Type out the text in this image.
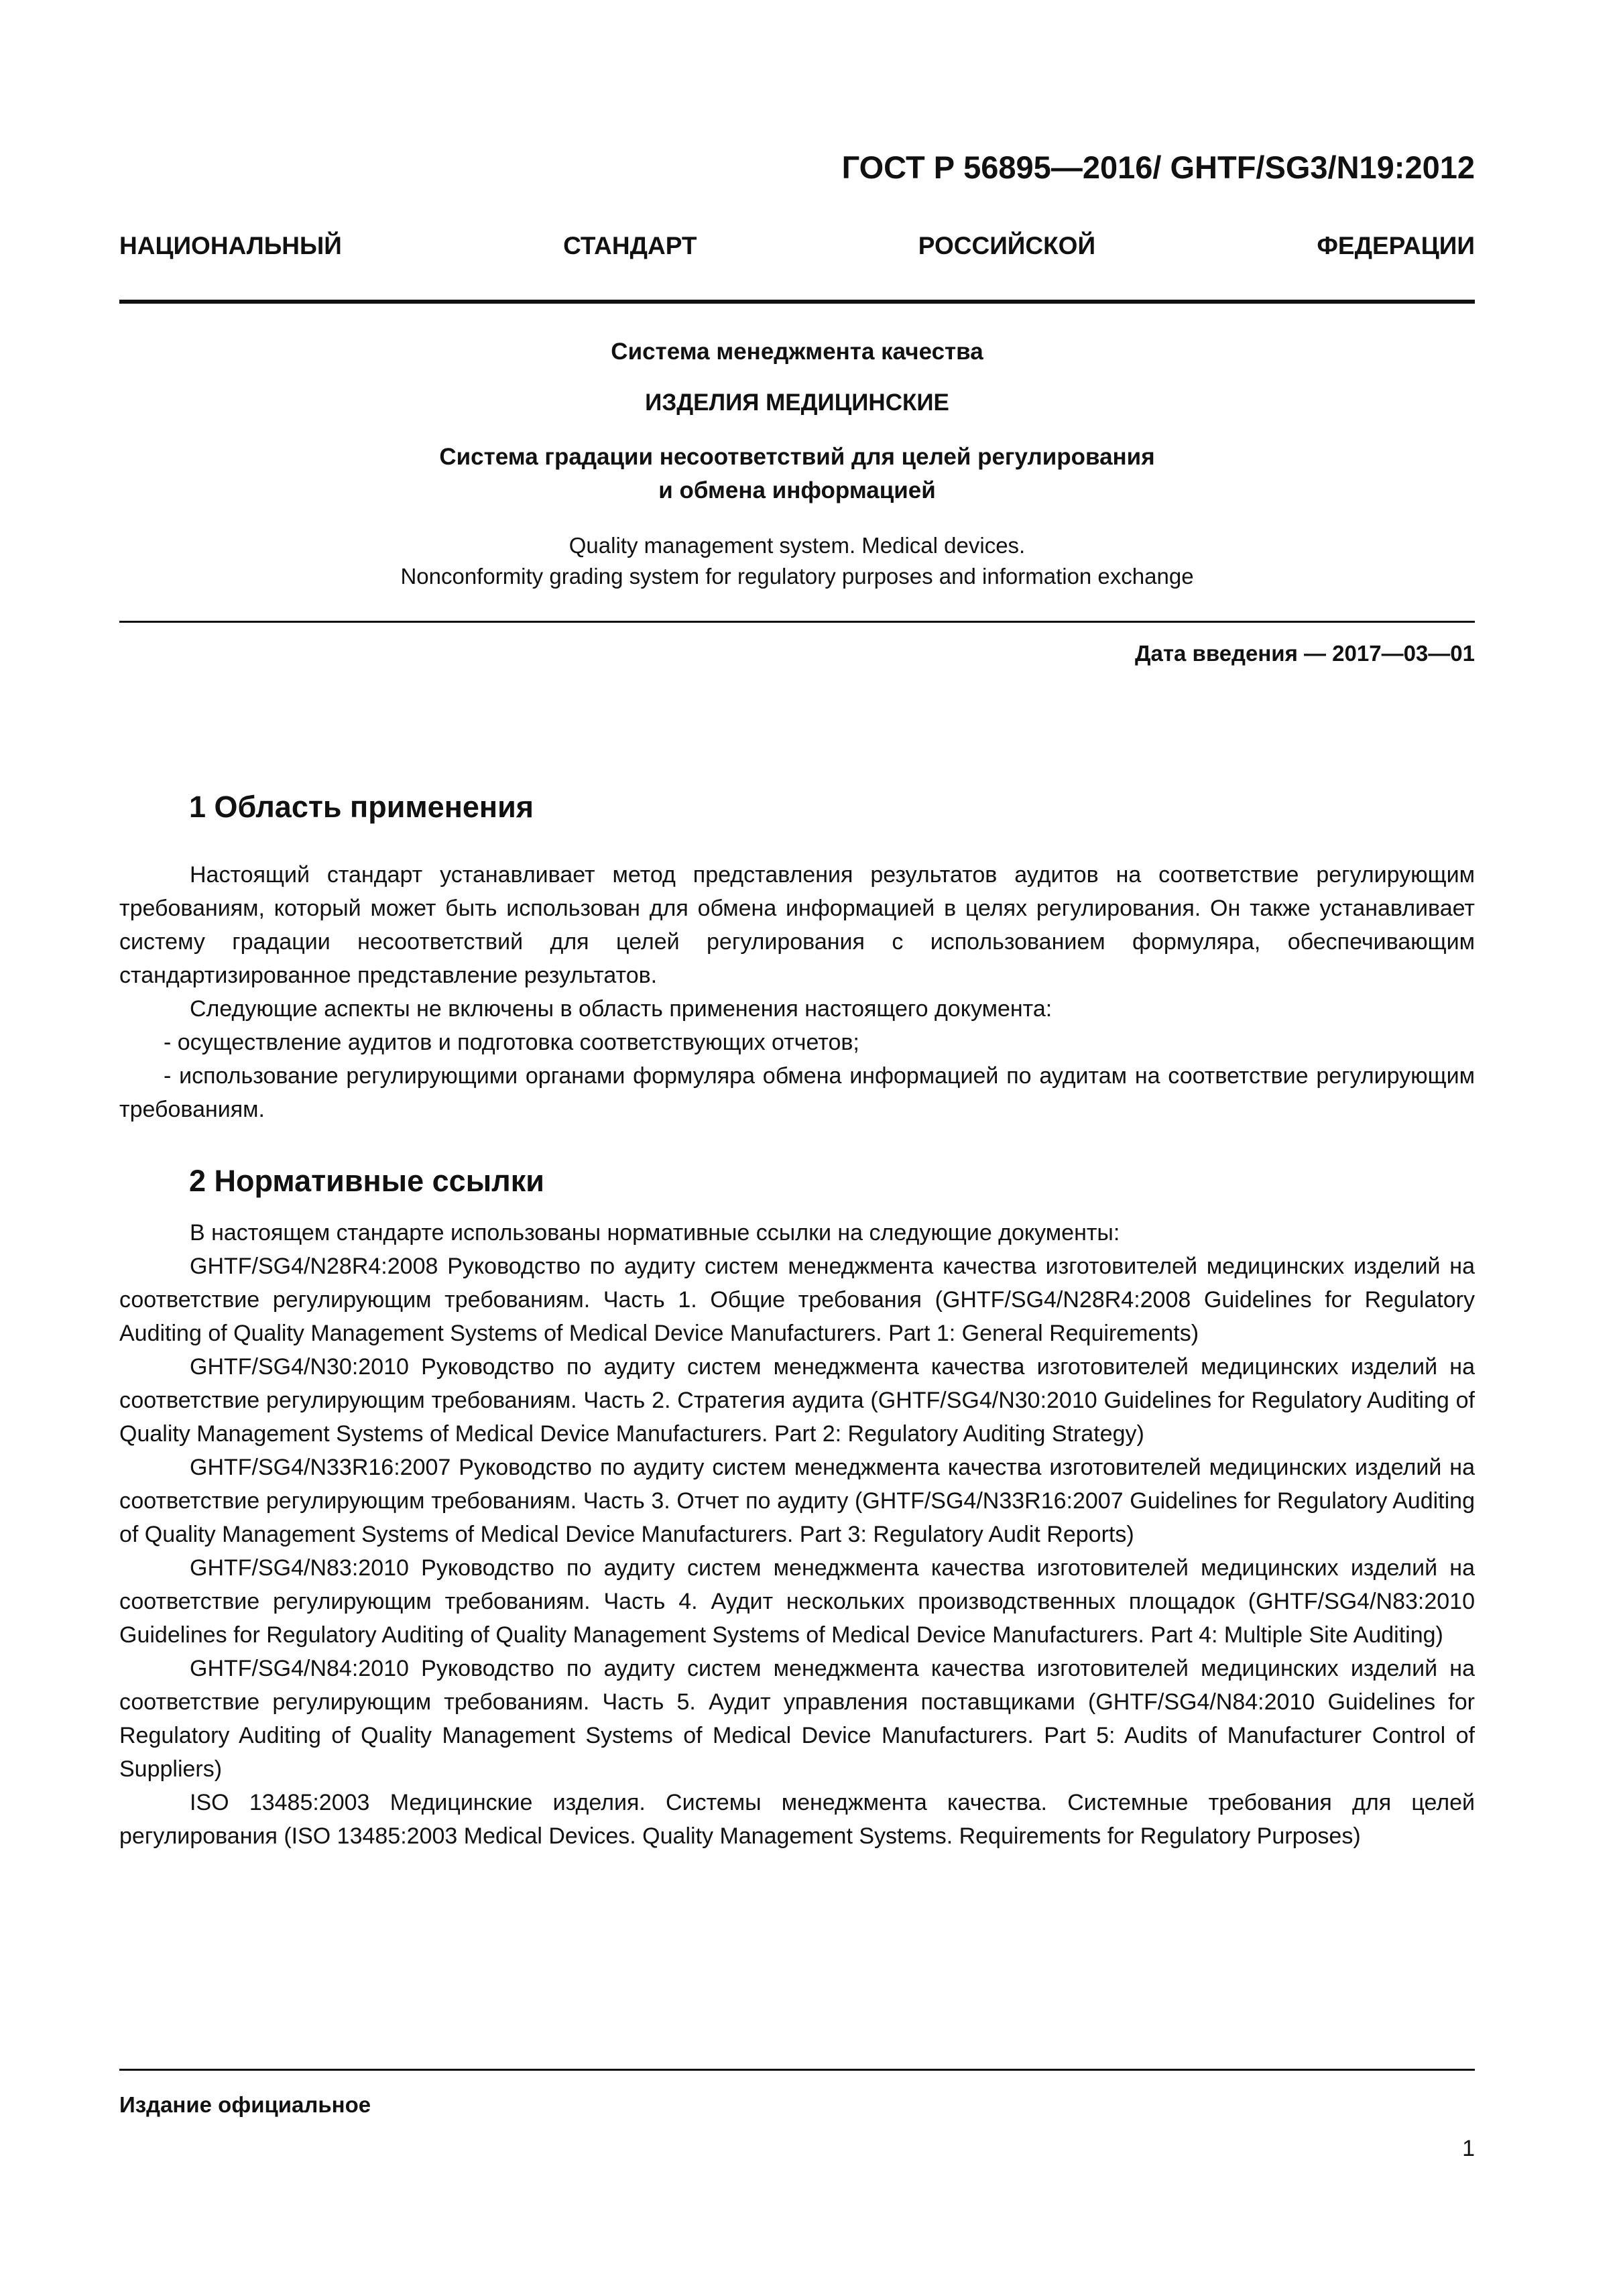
ГОСТ Р 56895—2016/ GHTF/SG3/N19:2012
НАЦИОНАЛЬНЫЙ СТАНДАРТ РОССИЙСКОЙ ФЕДЕРАЦИИ
Система менеджмента качества
ИЗДЕЛИЯ МЕДИЦИНСКИЕ
Система градации несоответствий для целей регулирования
и обмена информацией
Quality management system. Medical devices.
Nonconformity grading system for regulatory purposes and information exchange
Дата введения — 2017—03—01
1 Область применения

Настоящий стандарт устанавливает метод представления результатов аудитов на соответствие регулирующим требованиям, который может быть использован для обмена информацией в целях регулирования. Он также устанавливает систему градации несоответствий для целей регулирования с использованием формуляра, обеспечивающим стандартизированное представление результатов.

Следующие аспекты не включены в область применения настоящего документа:

- осуществление аудитов и подготовка соответствующих отчетов;

- использование регулирующими органами формуляра обмена информацией по аудитам на соответствие регулирующим требованиям.

2 Нормативные ссылки

В настоящем стандарте использованы нормативные ссылки на следующие документы:

GHTF/SG4/N28R4:2008 Руководство по аудиту систем менеджмента качества изготовителей медицинских изделий на соответствие регулирующим требованиям. Часть 1. Общие требования (GHTF/SG4/N28R4:2008 Guidelines for Regulatory Auditing of Quality Management Systems of Medical Device Manufacturers. Part 1: General Requirements)

GHTF/SG4/N30:2010 Руководство по аудиту систем менеджмента качества изготовителей медицинских изделий на соответствие регулирующим требованиям. Часть 2. Стратегия аудита (GHTF/SG4/N30:2010 Guidelines for Regulatory Auditing of Quality Management Systems of Medical Device Manufacturers. Part 2: Regulatory Auditing Strategy)

GHTF/SG4/N33R16:2007 Руководство по аудиту систем менеджмента качества изготовителей медицинских изделий на соответствие регулирующим требованиям. Часть 3. Отчет по аудиту (GHTF/SG4/N33R16:2007 Guidelines for Regulatory Auditing of Quality Management Systems of Medical Device Manufacturers. Part 3: Regulatory Audit Reports)

GHTF/SG4/N83:2010 Руководство по аудиту систем менеджмента качества изготовителей медицинских изделий на соответствие регулирующим требованиям. Часть 4. Аудит нескольких производственных площадок (GHTF/SG4/N83:2010 Guidelines for Regulatory Auditing of Quality Management Systems of Medical Device Manufacturers. Part 4: Multiple Site Auditing)

GHTF/SG4/N84:2010 Руководство по аудиту систем менеджмента качества изготовителей медицинских изделий на соответствие регулирующим требованиям. Часть 5. Аудит управления поставщиками (GHTF/SG4/N84:2010 Guidelines for Regulatory Auditing of Quality Management Systems of Medical Device Manufacturers. Part 5: Audits of Manufacturer Control of Suppliers)

ISO 13485:2003 Медицинские изделия. Системы менеджмента качества. Системные требования для целей регулирования (ISO 13485:2003 Medical Devices. Quality Management Systems. Requirements for Regulatory Purposes)

Издание официальное
1
